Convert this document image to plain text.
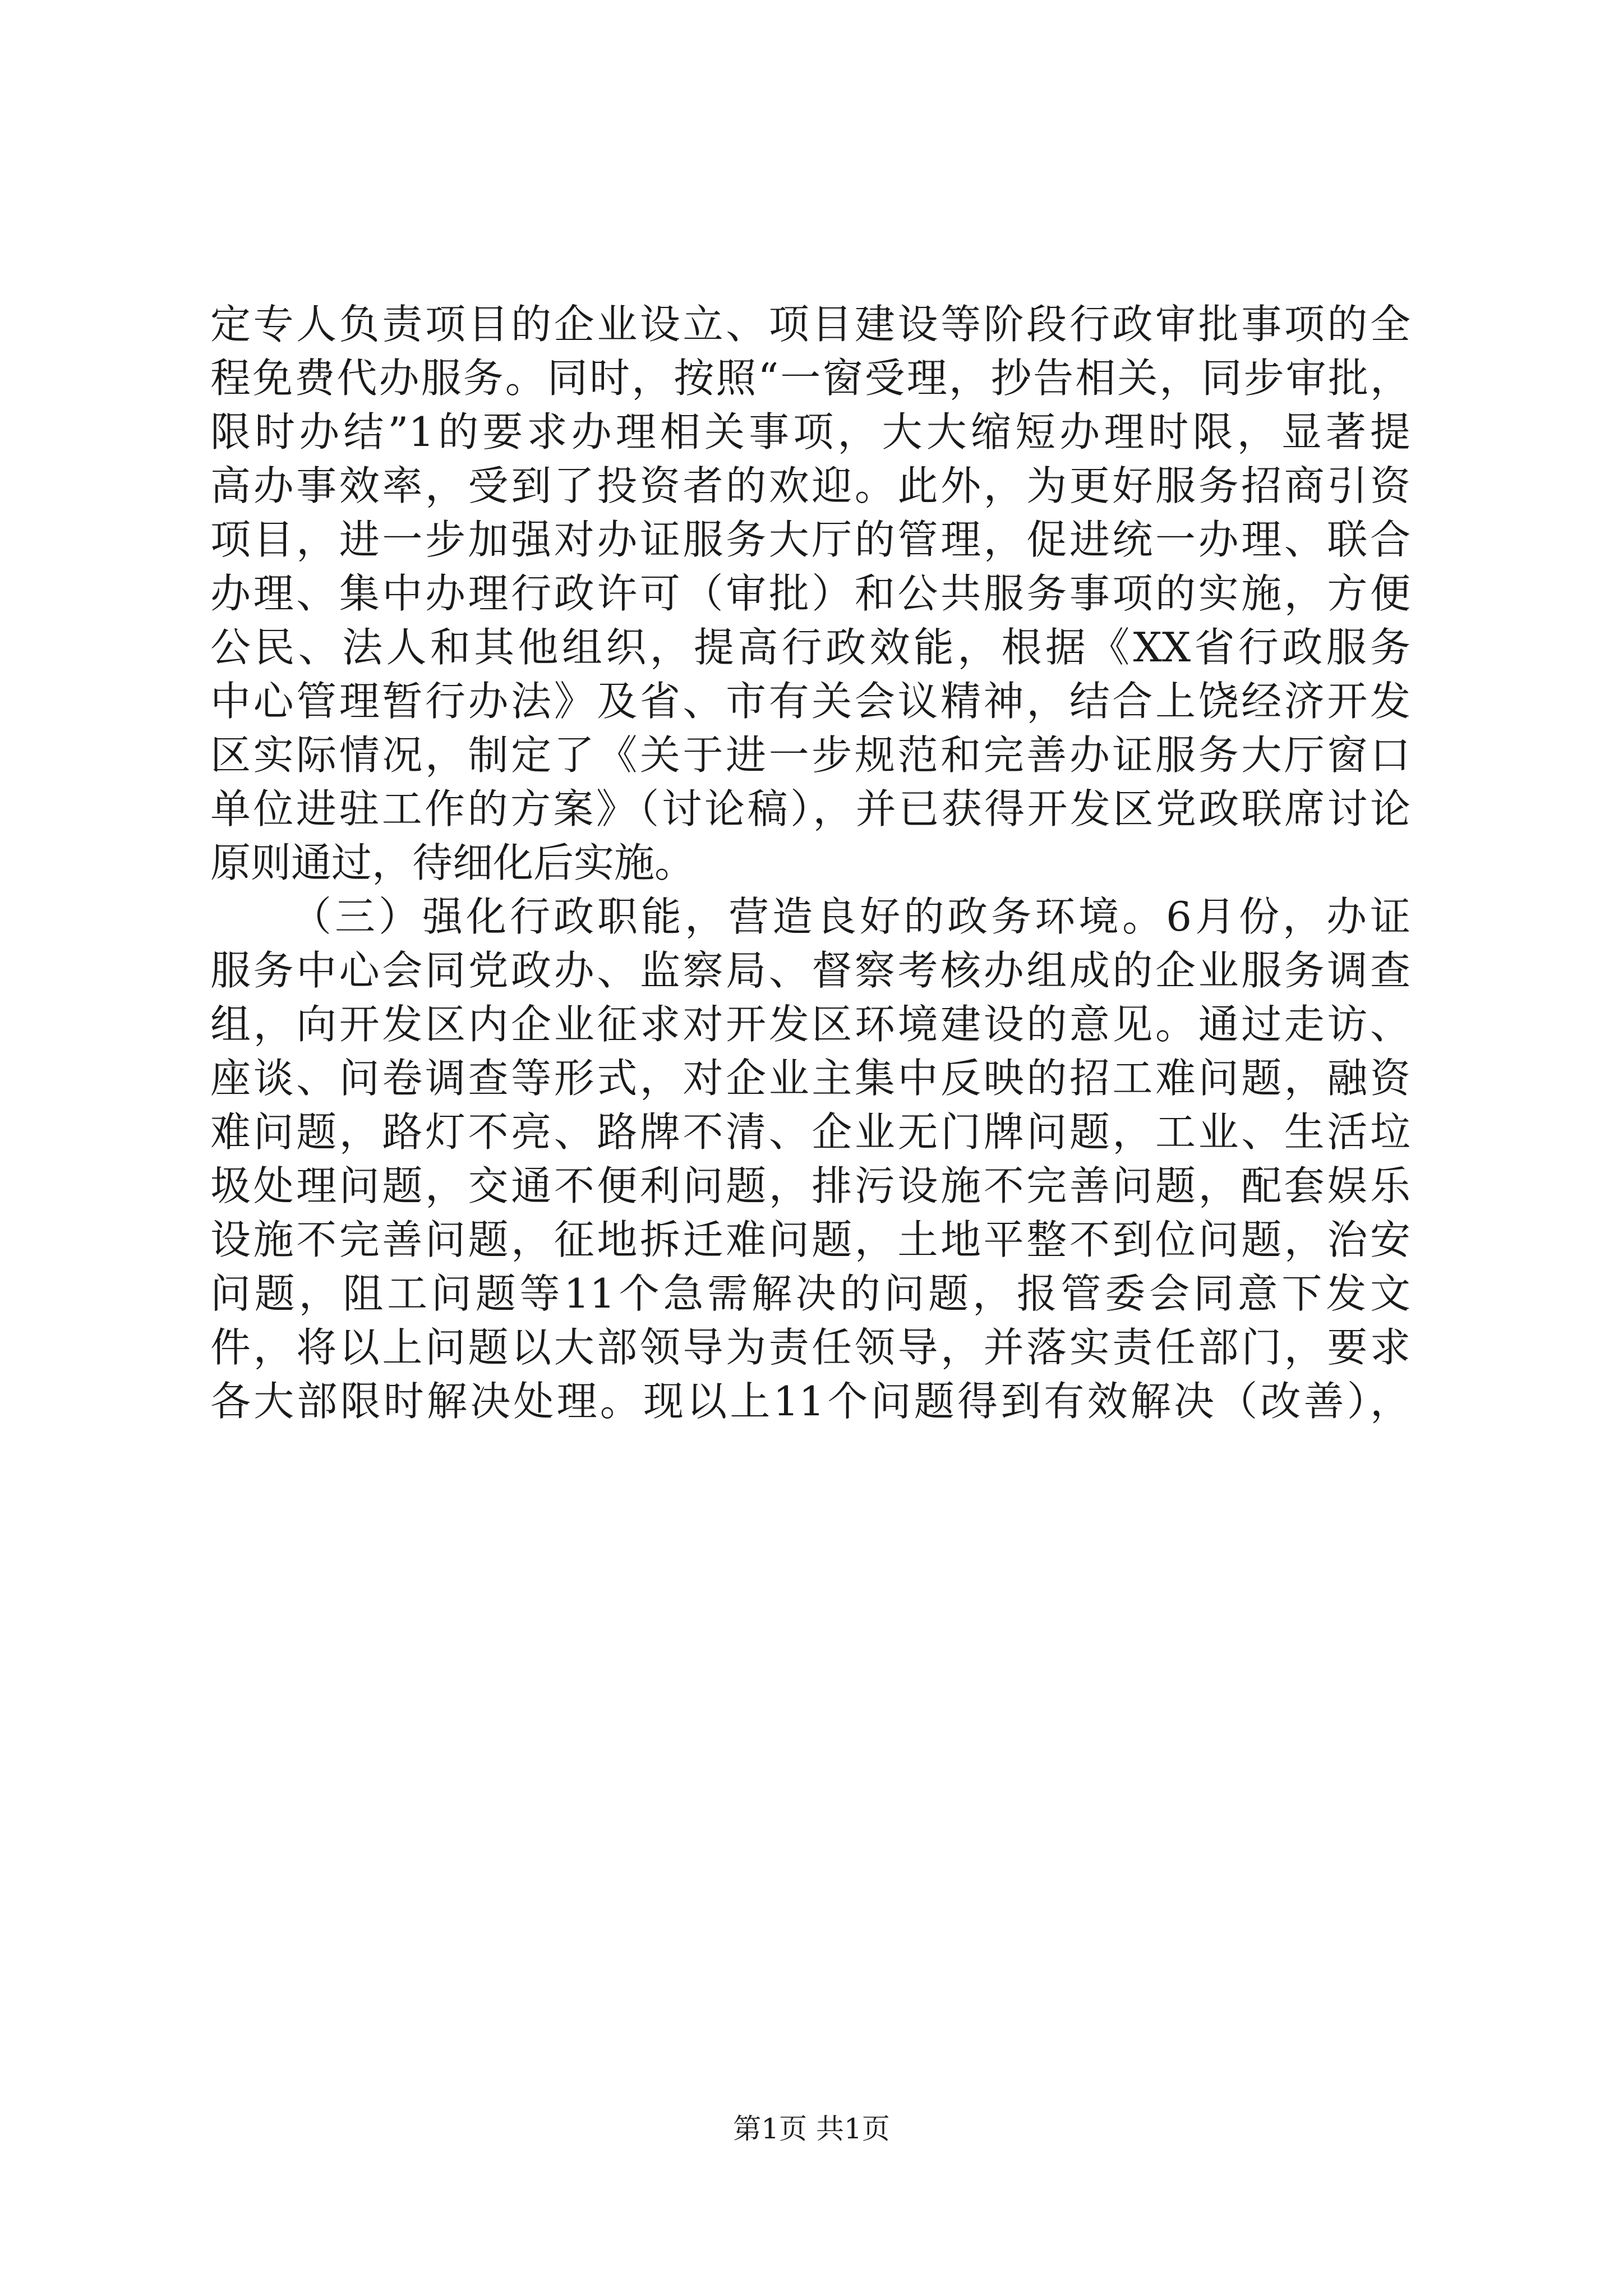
定专人负责项目的企业设立、项目建设等阶段行政审批事项的全
程免费代办服务。同时，按照“一窗受理，抄告相关，同步审批，
限时办结”1的要求办理相关事项，大大缩短办理时限，显著提
高办事效率，受到了投资者的欢迎。此外，为更好服务招商引资
项目，进一步加强对办证服务大厅的管理，促进统一办理、联合
办理、集中办理行政许可（审批）和公共服务事项的实施，方便
公民、法人和其他组织，提高行政效能，根据《XX省行政服务
中心管理暂行办法》及省、市有关会议精神，结合上饶经济开发
区实际情况，制定了《关于进一步规范和完善办证服务大厅窗口
单位进驻工作的方案》（讨论稿），并已获得开发区党政联席讨论
原则通过，待细化后实施。
（三）强化行政职能，营造良好的政务环境。6月份，办证
服务中心会同党政办、监察局、督察考核办组成的企业服务调查
组，向开发区内企业征求对开发区环境建设的意见。通过走访、
座谈、问卷调查等形式，对企业主集中反映的招工难问题，融资
难问题，路灯不亮、路牌不清、企业无门牌问题，工业、生活垃
圾处理问题，交通不便利问题，排污设施不完善问题，配套娱乐
设施不完善问题，征地拆迁难问题，土地平整不到位问题，治安
问题，阻工问题等11个急需解决的问题，报管委会同意下发文
件，将以上问题以大部领导为责任领导，并落实责任部门，要求
各大部限时解决处理。现以上11个问题得到有效解决（改善），
第1页 共1页
